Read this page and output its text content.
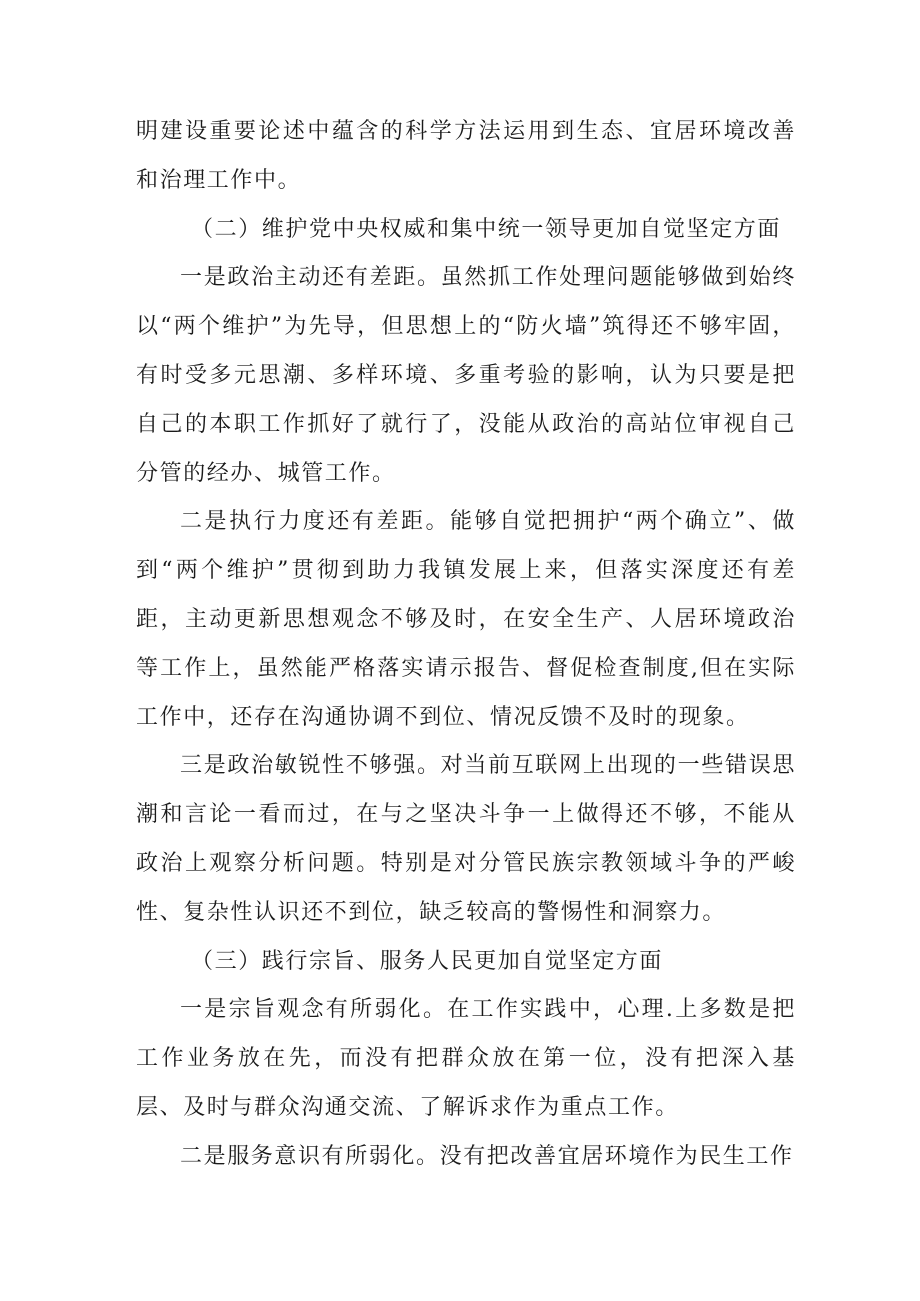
明建设重要论述中蕴含的科学方法运用到生态、宜居环境改善和治理工作中。

（二）维护党中央权威和集中统一领导更加自觉坚定方面

一是政治主动还有差距。虽然抓工作处理问题能够做到始终以“两个维护”为先导，但思想上的“防火墙”筑得还不够牢固，有时受多元思潮、多样环境、多重考验的影响，认为只要是把自己的本职工作抓好了就行了，没能从政治的高站位审视自己分管的经办、城管工作。

二是执行力度还有差距。能够自觉把拥护“两个确立”、做到“两个维护”贯彻到助力我镇发展上来，但落实深度还有差距，主动更新思想观念不够及时，在安全生产、人居环境政治等工作上，虽然能严格落实请示报告、督促检查制度,但在实际工作中，还存在沟通协调不到位、情况反馈不及时的现象。

三是政治敏锐性不够强。对当前互联网上出现的一些错误思潮和言论一看而过，在与之坚决斗争一上做得还不够，不能从政治上观察分析问题。特别是对分管民族宗教领域斗争的严峻性、复杂性认识还不到位，缺乏较高的警惕性和洞察力。

（三）践行宗旨、服务人民更加自觉坚定方面

一是宗旨观念有所弱化。在工作实践中，心理.上多数是把工作业务放在先，而没有把群众放在第一位，没有把深入基层、及时与群众沟通交流、了解诉求作为重点工作。

二是服务意识有所弱化。没有把改善宜居环境作为民生工作
